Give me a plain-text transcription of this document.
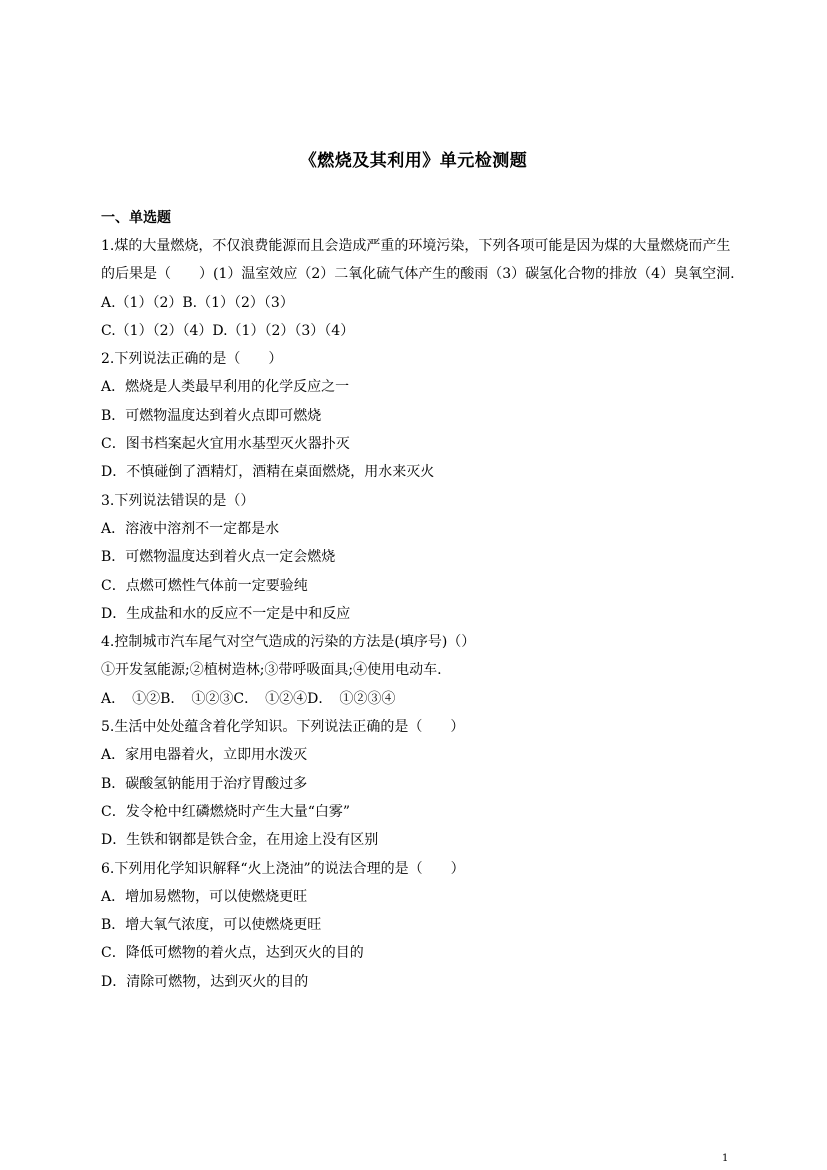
《燃烧及其利用》单元检测题
一、单选题
1.煤的大量燃烧，不仅浪费能源而且会造成严重的环境污染，下列各项可能是因为煤的大量燃烧而产生的后果是（　　）(1）温室效应（2）二氧化硫气体产生的酸雨（3）碳氢化合物的排放（4）臭氧空洞.
A.（1）（2）B.（1）（2）（3）
C.（1）（2）（4）D.（1）（2）（3）（4）
2.下列说法正确的是（　　）
A．燃烧是人类最早利用的化学反应之一
B．可燃物温度达到着火点即可燃烧
C．图书档案起火宜用水基型灭火器扑灭
D．不慎碰倒了酒精灯，酒精在桌面燃烧，用水来灭火
3.下列说法错误的是（）
A．溶液中溶剂不一定都是水
B．可燃物温度达到着火点一定会燃烧
C．点燃可燃性气体前一定要验纯
D．生成盐和水的反应不一定是中和反应
4.控制城市汽车尾气对空气造成的污染的方法是(填序号)（）
①开发氢能源;②植树造林;③带呼吸面具;④使用电动车.
A．　①②B．　①②③C．　①②④D．　①②③④
5.生活中处处蕴含着化学知识。下列说法正确的是（　　）
A．家用电器着火，立即用水泼灭
B．碳酸氢钠能用于治疗胃酸过多
C．发令枪中红磷燃烧时产生大量“白雾”
D．生铁和钢都是铁合金，在用途上没有区别
6.下列用化学知识解释“火上浇油”的说法合理的是（　　）
A．增加易燃物，可以使燃烧更旺
B．增大氧气浓度，可以使燃烧更旺
C．降低可燃物的着火点，达到灭火的目的
D．清除可燃物，达到灭火的目的
1
